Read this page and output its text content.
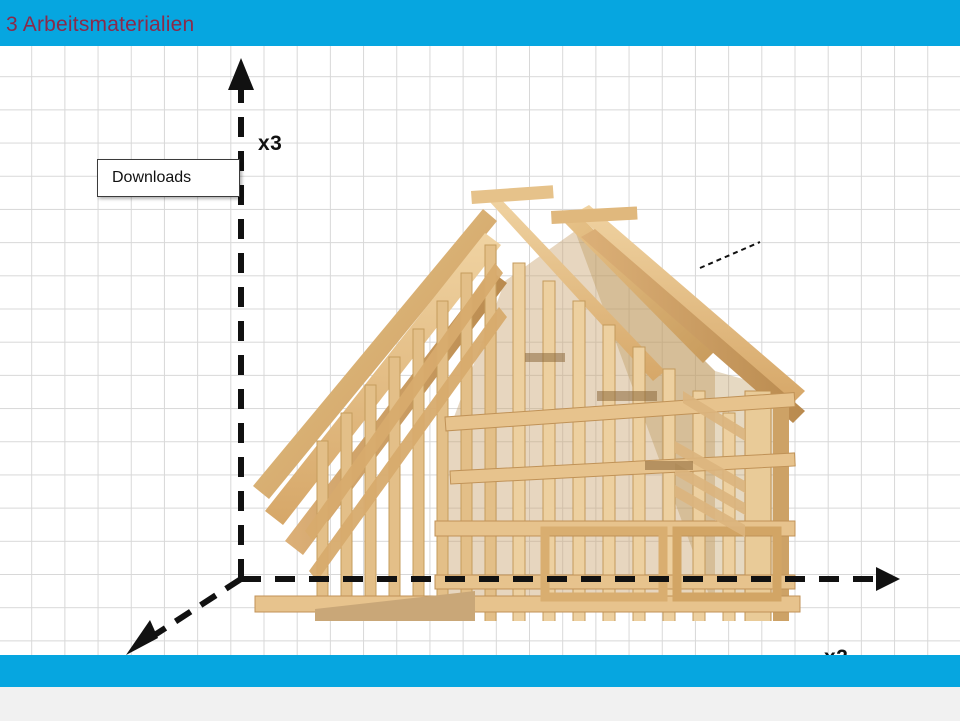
3 Arbeitsmaterialien
x3
Downloads
